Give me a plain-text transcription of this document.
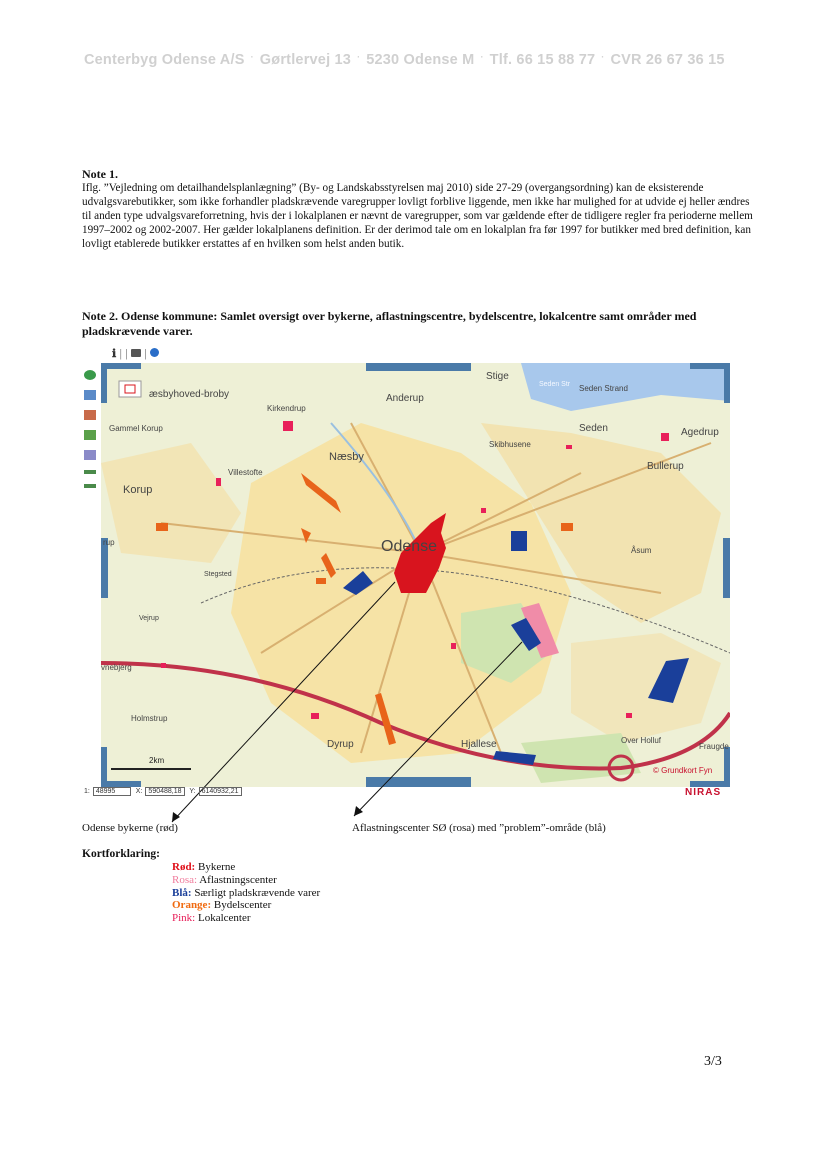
Centerbyg Odense A/S · Gørtlervej 13 · 5230 Odense M · Tlf. 66 15 88 77 · CVR 26 67 36 15
Note 1.
Iflg. ”Vejledning om detailhandelsplanlægning” (By- og Landskabsstyrelsen maj 2010) side 27-29 (overgangsordning) kan de eksisterende udvalgsvarebutikker, som ikke forhandler pladskrævende varegrupper lovligt forblive liggende, men ikke har mulighed for at udvide ej heller ændres til anden type udvalgsvareforretning, hvis der i lokalplanen er nævnt de varegrupper, som var gældende efter de tidligere regler fra perioderne mellem 1997–2002 og 2002-2007. Her gælder lokalplanens definition. Er der derimod tale om en lokalplan fra før 1997 for butikker med bred definition, kan lovligt etablerede butikker erstattes af en hvilken som helst anden butik.
Note 2. Odense kommune: Samlet oversigt over bykerne, aflastningscentre, bydelscentre, lokalcentre samt områder med pladskrævende varer.
ℹ | | |
æsbyhoved-broby	Anderup
Stige
Seden Str Seden Strand
Seden	Agedrup
Bullerup
Kirkendrup
Gammel Korup
Næsby
Skibhusene
Villestofte
Korup
rup	Odense	Åsum
Stegsted
Vejrup
vnebjerg
Holmstrup
Dyrup	Hjallese	Over Holluf
Fraugde
2km
© Grundkort Fyn
1: 48995	X: 590488,18 Y: 6140932,21	NIRAS
Odense bykerne (rød)	Aflastningscenter SØ (rosa) med ”problem”-område (blå)
Kortforklaring:
Rød: Bykerne
Rosa: Aflastningscenter
Blå: Særligt pladskrævende varer
Orange: Bydelscenter
Pink: Lokalcenter
3/3
